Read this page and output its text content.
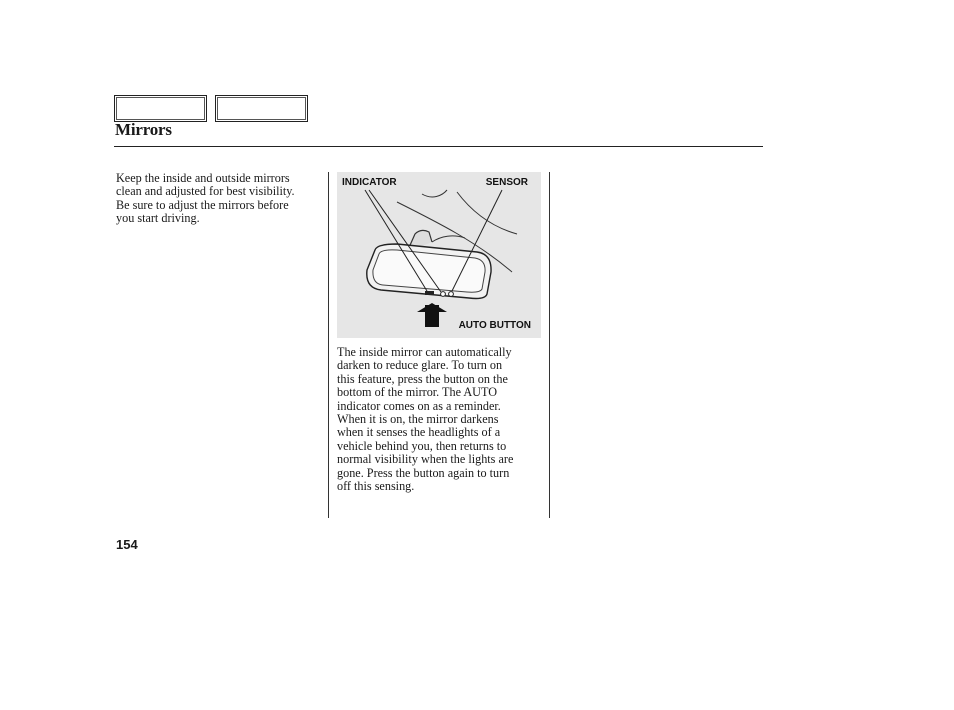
Mirrors
Keep the inside and outside mirrors
clean and adjusted for best visibility.
Be sure to adjust the mirrors before
you start driving.
INDICATOR	SENSOR
AUTO BUTTON
The inside mirror can automatically
darken to reduce glare. To turn on
this feature, press the button on the
bottom of the mirror. The AUTO
indicator comes on as a reminder.
When it is on, the mirror darkens
when it senses the headlights of a
vehicle behind you, then returns to
normal visibility when the lights are
gone. Press the button again to turn
off this sensing.
154
